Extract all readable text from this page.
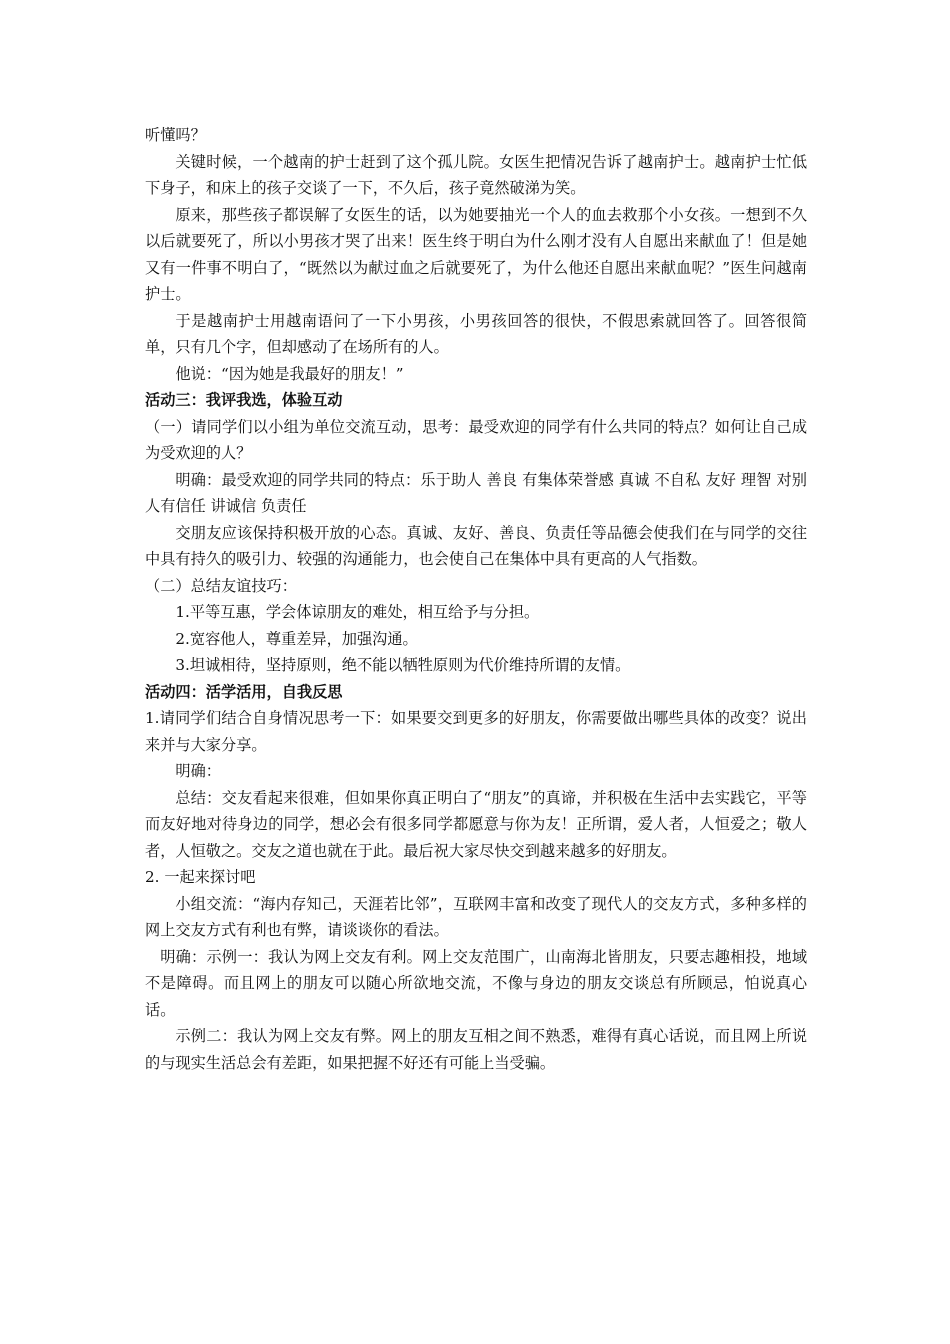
听懂吗？

关键时候，一个越南的护士赶到了这个孤儿院。女医生把情况告诉了越南护士。越南护士忙低下身子，和床上的孩子交谈了一下，不久后，孩子竟然破涕为笑。

原来，那些孩子都误解了女医生的话，以为她要抽光一个人的血去救那个小女孩。一想到不久以后就要死了，所以小男孩才哭了出来！医生终于明白为什么刚才没有人自愿出来献血了！但是她又有一件事不明白了，“既然以为献过血之后就要死了，为什么他还自愿出来献血呢？”医生问越南护士。

于是越南护士用越南语问了一下小男孩，小男孩回答的很快，不假思索就回答了。回答很简单，只有几个字，但却感动了在场所有的人。

他说：“因为她是我最好的朋友！”

活动三：我评我选，体验互动

（一）请同学们以小组为单位交流互动，思考：最受欢迎的同学有什么共同的特点？如何让自己成为受欢迎的人？

明确：最受欢迎的同学共同的特点：乐于助人 善良 有集体荣誉感 真诚 不自私 友好 理智 对别人有信任 讲诚信 负责任

交朋友应该保持积极开放的心态。真诚、友好、善良、负责任等品德会使我们在与同学的交往中具有持久的吸引力、较强的沟通能力，也会使自己在集体中具有更高的人气指数。

（二）总结友谊技巧：

1.平等互惠，学会体谅朋友的难处，相互给予与分担。

2.宽容他人，尊重差异，加强沟通。

3.坦诚相待，坚持原则，绝不能以牺牲原则为代价维持所谓的友情。

活动四：活学活用，自我反思

1.请同学们结合自身情况思考一下：如果要交到更多的好朋友，你需要做出哪些具体的改变？说出来并与大家分享。

明确：

总结：交友看起来很难，但如果你真正明白了“朋友”的真谛，并积极在生活中去实践它，平等而友好地对待身边的同学，想必会有很多同学都愿意与你为友！正所谓，爱人者，人恒爱之；敬人者，人恒敬之。交友之道也就在于此。最后祝大家尽快交到越来越多的好朋友。

2. 一起来探讨吧

小组交流：“海内存知己，天涯若比邻”，互联网丰富和改变了现代人的交友方式，多种多样的网上交友方式有利也有弊，请谈谈你的看法。

明确：示例一：我认为网上交友有利。网上交友范围广，山南海北皆朋友，只要志趣相投，地域不是障碍。而且网上的朋友可以随心所欲地交流，不像与身边的朋友交谈总有所顾忌，怕说真心话。

示例二：我认为网上交友有弊。网上的朋友互相之间不熟悉，难得有真心话说，而且网上所说的与现实生活总会有差距，如果把握不好还有可能上当受骗。
